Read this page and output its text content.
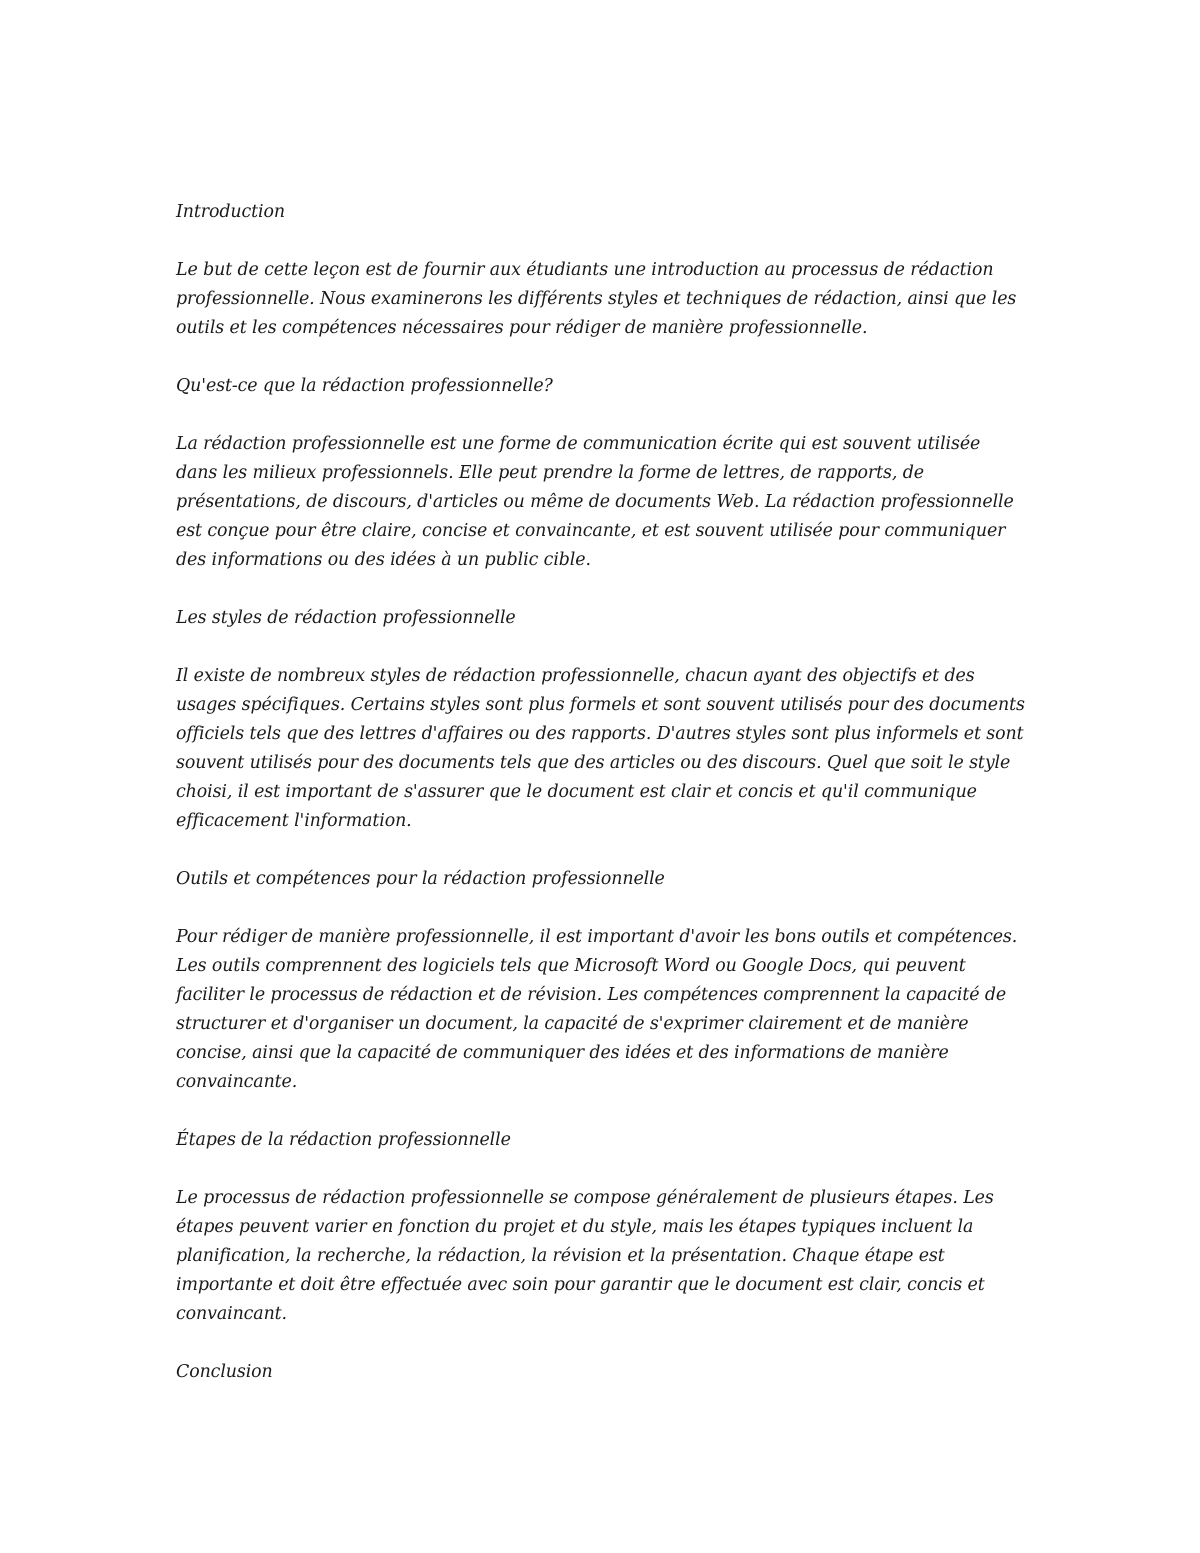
Introduction

Le but de cette leçon est de fournir aux étudiants une introduction au processus de rédaction professionnelle. Nous examinerons les différents styles et techniques de rédaction, ainsi que les outils et les compétences nécessaires pour rédiger de manière professionnelle.

Qu'est-ce que la rédaction professionnelle?

La rédaction professionnelle est une forme de communication écrite qui est souvent utilisée dans les milieux professionnels. Elle peut prendre la forme de lettres, de rapports, de présentations, de discours, d'articles ou même de documents Web. La rédaction professionnelle est conçue pour être claire, concise et convaincante, et est souvent utilisée pour communiquer des informations ou des idées à un public cible.

Les styles de rédaction professionnelle

Il existe de nombreux styles de rédaction professionnelle, chacun ayant des objectifs et des usages spécifiques. Certains styles sont plus formels et sont souvent utilisés pour des documents officiels tels que des lettres d'affaires ou des rapports. D'autres styles sont plus informels et sont souvent utilisés pour des documents tels que des articles ou des discours. Quel que soit le style choisi, il est important de s'assurer que le document est clair et concis et qu'il communique efficacement l'information.

Outils et compétences pour la rédaction professionnelle

Pour rédiger de manière professionnelle, il est important d'avoir les bons outils et compétences. Les outils comprennent des logiciels tels que Microsoft Word ou Google Docs, qui peuvent faciliter le processus de rédaction et de révision. Les compétences comprennent la capacité de structurer et d'organiser un document, la capacité de s'exprimer clairement et de manière concise, ainsi que la capacité de communiquer des idées et des informations de manière convaincante.

Étapes de la rédaction professionnelle

Le processus de rédaction professionnelle se compose généralement de plusieurs étapes. Les étapes peuvent varier en fonction du projet et du style, mais les étapes typiques incluent la planification, la recherche, la rédaction, la révision et la présentation. Chaque étape est importante et doit être effectuée avec soin pour garantir que le document est clair, concis et convaincant.

Conclusion
